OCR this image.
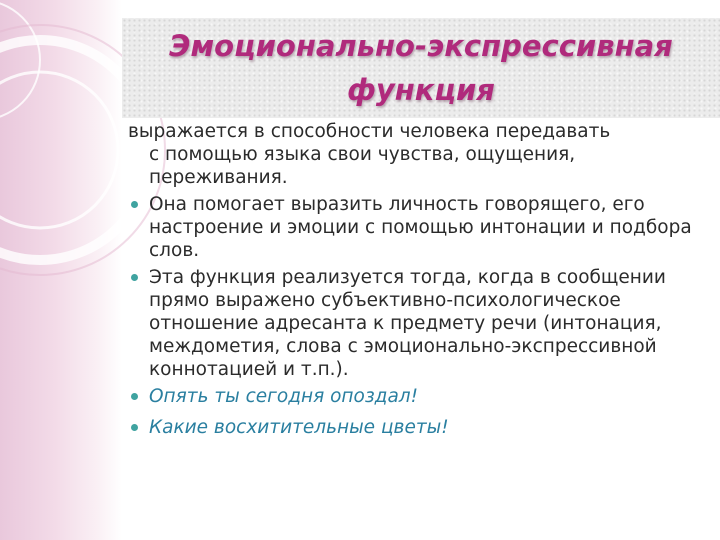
Эмоционально-экспрессивная
функция

выражается в способности человека передавать
с помощью языка свои чувства, ощущения, переживания.

Она помогает выразить личность говорящего, его настроение и эмоции с помощью интонации и подбора слов.

Эта функция реализуется тогда, когда в сообщении прямо выражено субъективно-психологическое отношение адресанта к предмету речи (интонация, междометия, слова с эмоционально-экспрессивной коннотацией и т.п.).

Опять ты сегодня опоздал!

Какие восхитительные цветы!
